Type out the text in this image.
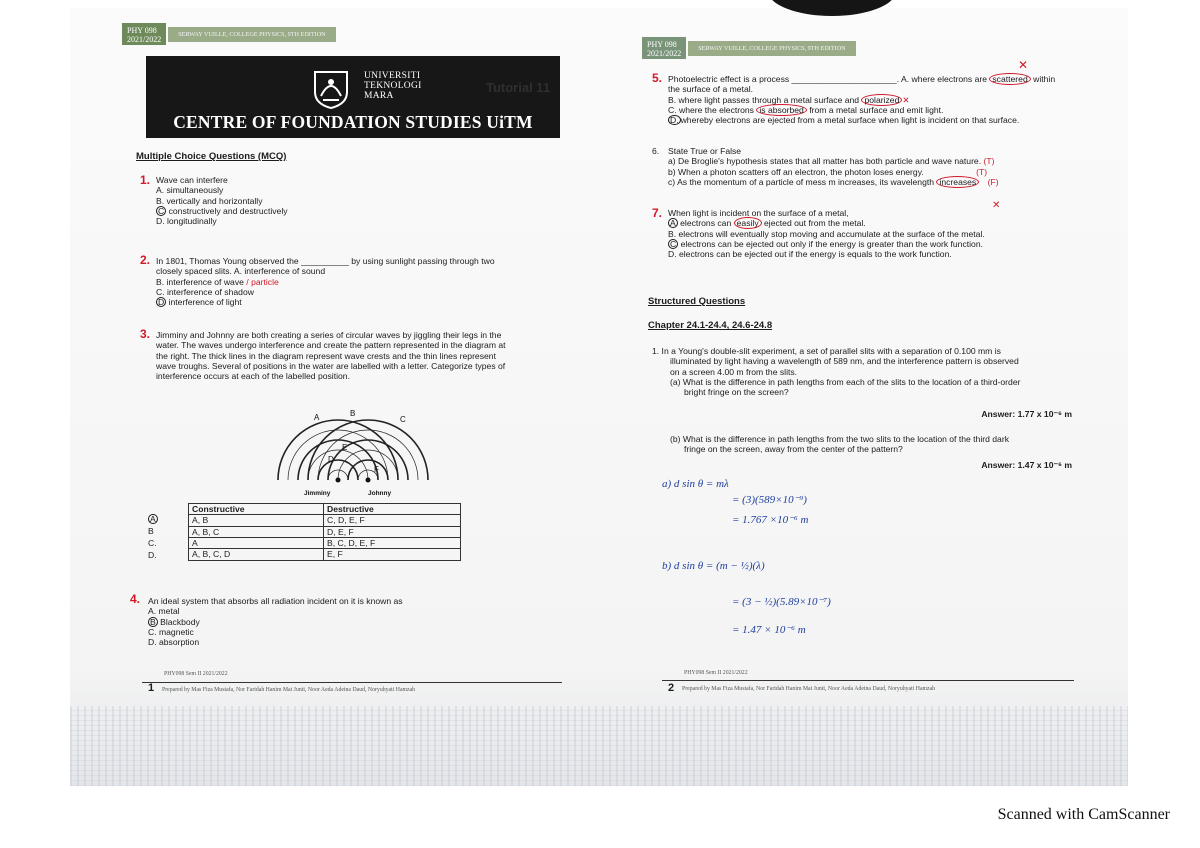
PHY 098
2021/2022
SERWAY VUILLE, COLLEGE PHYSICS, 9TH EDITION
UNIVERSITI
TEKNOLOGI
MARA
Tutorial 11
CENTRE OF FOUNDATION STUDIES UiTM
Multiple Choice Questions (MCQ)
1. Wave can interfere
A. simultaneously
B. vertically and horizontally
C constructively and destructively
D. longitudinally
2. In 1801, Thomas Young observed the __________ by using sunlight passing through two
closely spaced slits. A. interference of sound
B. interference of wave / particle
C. interference of shadow
D interference of light
3. Jimminy and Johnny are both creating a series of circular waves by jiggling their legs in the
water. The waves undergo interference and create the pattern represented in the diagram at
the right. The thick lines in the diagram represent wave crests and the thin lines represent
wave troughs. Several of positions in the water are labelled with a letter. Categorize types of
interference occurs at each of the labelled position.
A	B
C
D
E
F
Jimminy	Johnny
Constructive	Destructive
A, B	C, D, E, F
A, B, C	D, E, F
A	B, C, D, E, F
A, B, C, D	E, F
A
B
C.
D.
4. An ideal system that absorbs all radiation incident on it is known as
A. metal
B Blackbody
C. magnetic
D. absorption
PHY098 Sem II 2021/2022
1 Prepared by Mas Fiza Mustafa, Nor Faridah Hanim Mat Junit, Noor Aeda Adeina Daud, Noryuhyati Hamzah
PHY 098
2021/2022
SERWAY VUILLE, COLLEGE PHYSICS, 9TH EDITION
5. Photoelectric effect is a process ______________________. A. where electrons are scattered within
the surface of a metal.
B. where light passes through a metal surface and polarized ✕
C. where the electrons is absorbed from a metal surface and emit light.
D. whereby electrons are ejected from a metal surface when light is incident on that surface.
✕
6. State True or False
a) De Broglie's hypothesis states that all matter has both particle and wave nature. (T)
b) When a photon scatters off an electron, the photon loses energy.	(T)
c) As the momentum of a particle of mess m increases, its wavelength increases (F)
✕
7. When light is incident on the surface of a metal,
A electrons can easily ejected out from the metal.
B. electrons will eventually stop moving and accumulate at the surface of the metal.
C electrons can be ejected out only if the energy is greater than the work function.
D. electrons can be ejected out if the energy is equals to the work function.
Structured Questions
Chapter 24.1-24.4, 24.6-24.8
1. In a Young's double-slit experiment, a set of parallel slits with a separation of 0.100 mm is
illuminated by light having a wavelength of 589 nm, and the interference pattern is observed
on a screen 4.00 m from the slits.
(a) What is the difference in path lengths from each of the slits to the location of a third-order
bright fringe on the screen?
Answer: 1.77 x 10⁻⁶ m
(b) What is the difference in path lengths from the two slits to the location of the third dark
fringe on the screen, away from the center of the pattern?
Answer: 1.47 x 10⁻⁶ m
a) d sin θ = mλ
= (3)(589×10⁻⁹)
= 1.767 ×10⁻⁶ m
b) d sin θ = (m − ½)(λ)
= (3 − ½)(5.89×10⁻⁷)
= 1.47 × 10⁻⁶ m
PHY098 Sem II 2021/2022
2 Prepared by Mas Fiza Mustafa, Nor Faridah Hanim Mat Junit, Noor Aeda Adeina Daud, Noryuhyati Hamzah
Scanned with CamScanner
